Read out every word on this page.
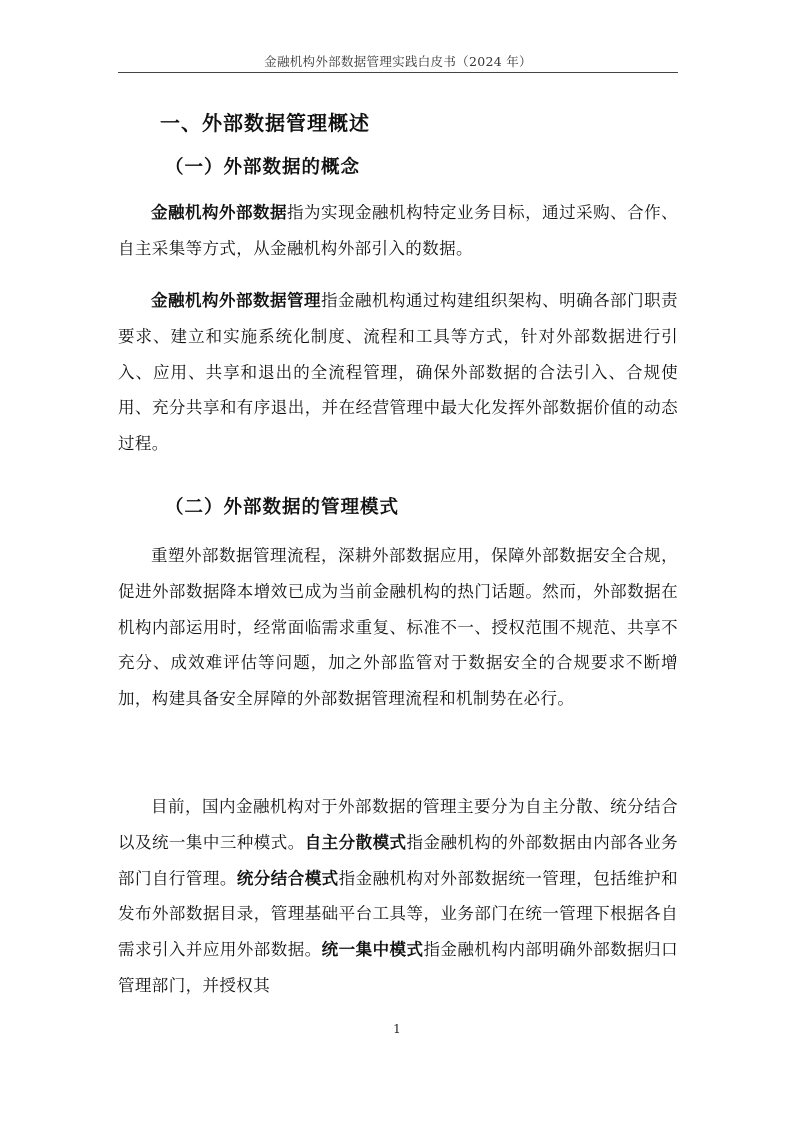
金融机构外部数据管理实践白皮书（2024 年）
一、外部数据管理概述
（一）外部数据的概念

金融机构外部数据指为实现金融机构特定业务目标，通过采购、合作、自主采集等方式，从金融机构外部引入的数据。

金融机构外部数据管理指金融机构通过构建组织架构、明确各部门职责要求、建立和实施系统化制度、流程和工具等方式，针对外部数据进行引入、应用、共享和退出的全流程管理，确保外部数据的合法引入、合规使用、充分共享和有序退出，并在经营管理中最大化发挥外部数据价值的动态过程。

（二）外部数据的管理模式

重塑外部数据管理流程，深耕外部数据应用，保障外部数据安全合规，促进外部数据降本增效已成为当前金融机构的热门话题。然而，外部数据在机构内部运用时，经常面临需求重复、标准不一、授权范围不规范、共享不充分、成效难评估等问题，加之外部监管对于数据安全的合规要求不断增加，构建具备安全屏障的外部数据管理流程和机制势在必行。

目前，国内金融机构对于外部数据的管理主要分为自主分散、统分结合以及统一集中三种模式。自主分散模式指金融机构的外部数据由内部各业务部门自行管理。统分结合模式指金融机构对外部数据统一管理，包括维护和发布外部数据目录，管理基础平台工具等，业务部门在统一管理下根据各自需求引入并应用外部数据。统一集中模式指金融机构内部明确外部数据归口管理部门，并授权其

1
